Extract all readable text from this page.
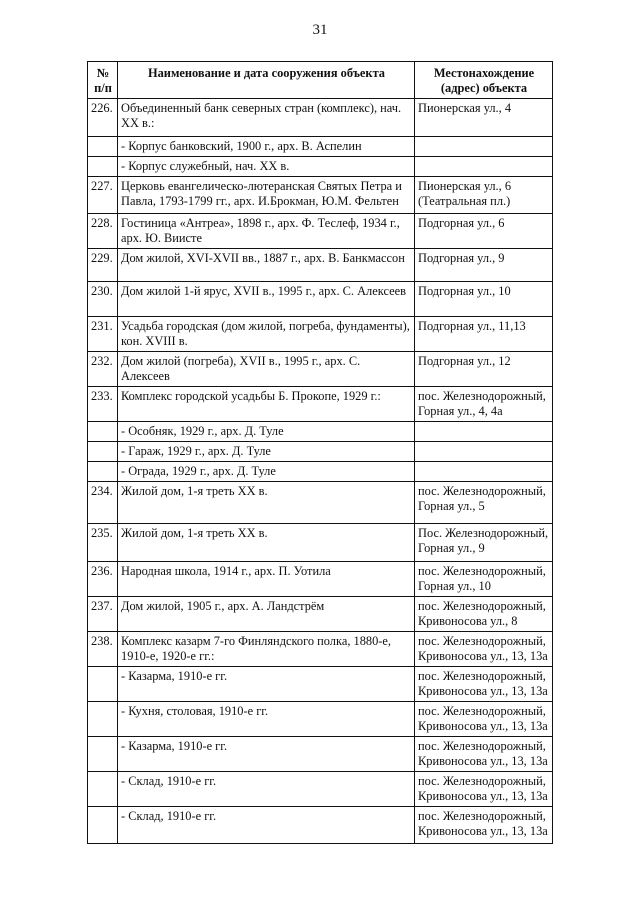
31
№ п/п	Наименование и дата сооружения объекта	Местонахождение (адрес) объекта
226.	Объединенный банк северных стран (комплекс), нач. XX в.:	Пионерская ул., 4
	- Корпус банковский, 1900 г., арх. В. Аспелин	
	- Корпус служебный, нач. XX в.	
227.	Церковь евангелическо-лютеранская Святых Петра и Павла, 1793-1799 гг., арх. И.Брокман, Ю.М. Фельтен	Пионерская ул., 6 (Театральная пл.)
228.	Гостиница «Антреа», 1898 г., арх. Ф. Теслеф, 1934 г., арх. Ю. Виисте	Подгорная ул., 6
229.	Дом жилой, XVI-XVII вв., 1887 г., арх. В. Банкмассон	Подгорная ул., 9
230.	Дом жилой 1-й ярус, XVII в., 1995 г., арх. С. Алексеев	Подгорная ул., 10
231.	Усадьба городская (дом жилой, погреба, фундаменты), кон. XVIII в.	Подгорная ул., 11,13
232.	Дом жилой (погреба), XVII в., 1995 г., арх. С. Алексеев	Подгорная ул., 12
233.	Комплекс городской усадьбы Б. Прокопе, 1929 г.:	пос. Железнодорожный, Горная ул., 4, 4а
	- Особняк, 1929 г., арх. Д. Туле	
	- Гараж, 1929 г., арх. Д. Туле	
	- Ограда, 1929 г., арх. Д. Туле	
234.	Жилой дом, 1-я треть XX в.	пос. Железнодорожный, Горная ул., 5
235.	Жилой дом, 1-я треть XX в.	Пос. Железнодорожный, Горная ул., 9
236.	Народная школа, 1914 г., арх. П. Уотила	пос. Железнодорожный, Горная ул., 10
237.	Дом жилой, 1905 г., арх. А. Ландстрём	пос. Железнодорожный, Кривоносова ул., 8
238.	Комплекс казарм 7-го Финляндского полка, 1880-е, 1910-е, 1920-е гг.:	пос. Железнодорожный, Кривоносова ул., 13, 13а
	- Казарма, 1910-е гг.	пос. Железнодорожный, Кривоносова ул., 13, 13а
	- Кухня, столовая, 1910-е гг.	пос. Железнодорожный, Кривоносова ул., 13, 13а
	- Казарма, 1910-е гг.	пос. Железнодорожный, Кривоносова ул., 13, 13а
	- Склад, 1910-е гг.	пос. Железнодорожный, Кривоносова ул., 13, 13а
	- Склад, 1910-е гг.	пос. Железнодорожный, Кривоносова ул., 13, 13а
